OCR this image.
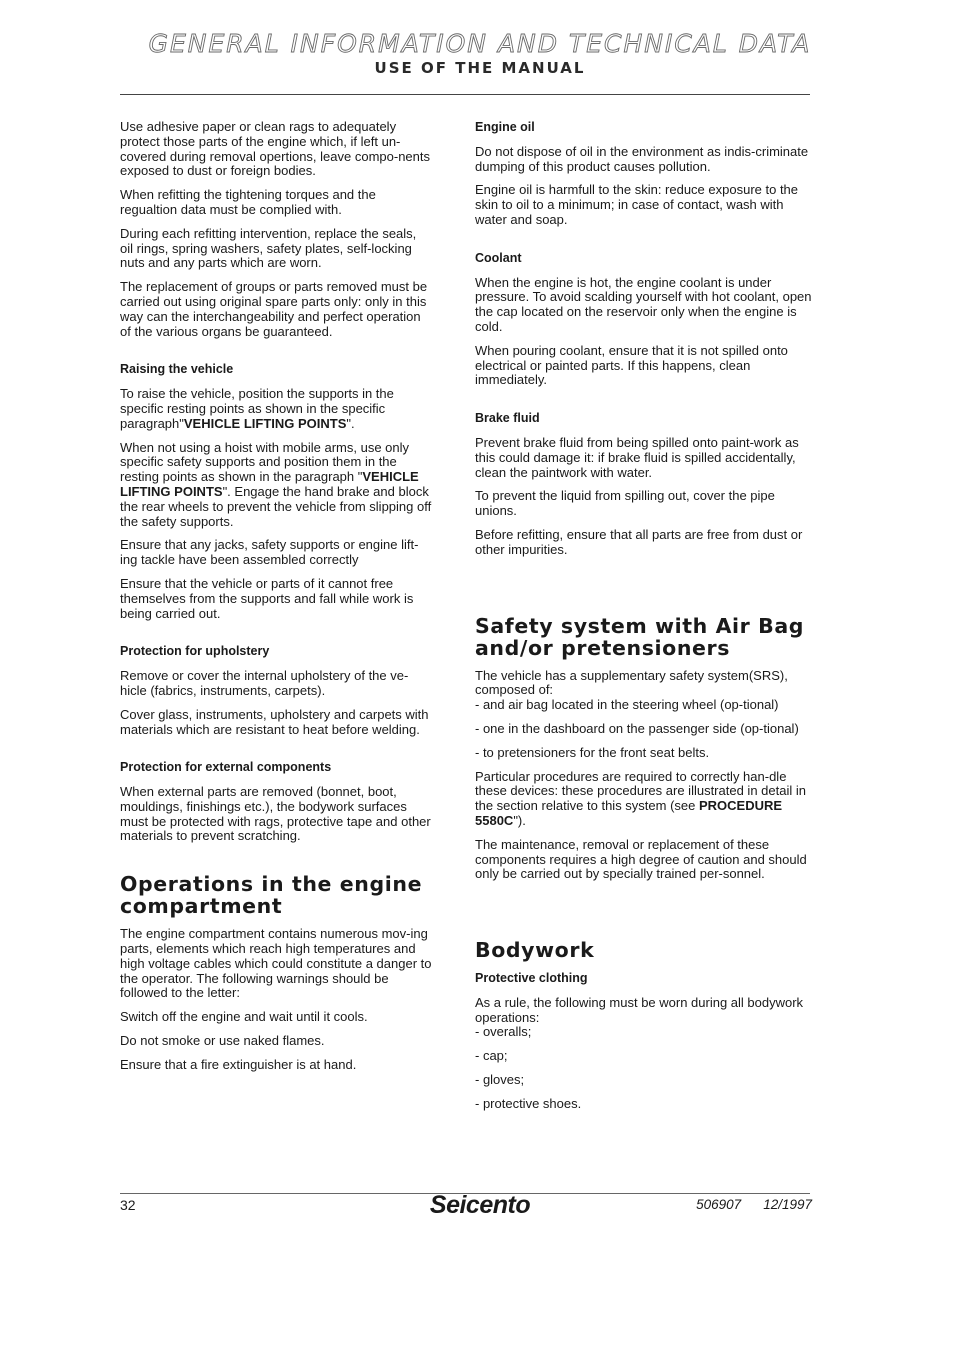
GENERAL INFORMATION AND TECHNICAL DATA
USE OF THE MANUAL

Use adhesive paper or clean rags to adequately protect those parts of the engine which, if left un-covered during removal opertions, leave compo-nents exposed to dust or foreign bodies.

When refitting the tightening torques and the regualtion data must be complied with.

During each refitting intervention, replace the seals, oil rings, spring washers, safety plates, self-locking nuts and any parts which are worn.

The replacement of groups or parts removed must be carried out using original spare parts only: only in this way can the interchangeability and perfect operation of the various organs be guaranteed.

Raising the vehicle

To raise the vehicle, position the supports in the specific resting points as shown in the specific paragraph"VEHICLE LIFTING POINTS".

When not using a hoist with mobile arms, use only specific safety supports and position them in the resting points as shown in the paragraph "VEHICLE LIFTING POINTS". Engage the hand brake and block the rear wheels to prevent the vehicle from slipping off the safety supports.

Ensure that any jacks, safety supports or engine lift-ing tackle have been assembled correctly

Ensure that the vehicle or parts of it cannot free themselves from the supports and fall while work is being carried out.

Protection for upholstery

Remove or cover the internal upholstery of the ve-hicle (fabrics, instruments, carpets).

Cover glass, instruments, upholstery and carpets with materials which are resistant to heat before welding.

Protection for external components

When external parts are removed (bonnet, boot, mouldings, finishings etc.), the bodywork surfaces must be protected with rags, protective tape and other materials to prevent scratching.

Operations in the engine
compartment

The engine compartment contains numerous mov-ing parts, elements which reach high temperatures and high voltage cables which could constitute a danger to the operator. The following warnings should be followed to the letter:

Switch off the engine and wait until it cools.

Do not smoke or use naked flames.

Ensure that a fire extinguisher is at hand.

Engine oil

Do not dispose of oil in the environment as indis-criminate dumping of this product causes pollution.

Engine oil is harmfull to the skin: reduce exposure to the skin to oil to a minimum; in case of contact, wash with water and soap.

Coolant

When the engine is hot, the engine coolant is under pressure. To avoid scalding yourself with hot coolant, open the cap located on the reservoir only when the engine is cold.

When pouring coolant, ensure that it is not spilled onto electrical or painted parts. If this happens, clean immediately.

Brake fluid

Prevent brake fluid from being spilled onto paint-work as this could damage it: if brake fluid is spilled accidentally, clean the paintwork with water.

To prevent the liquid from spilling out, cover the pipe unions.

Before refitting, ensure that all parts are free from dust or other impurities.

Safety system with Air Bag
and/or pretensioners

The vehicle has a supplementary safety system(SRS), composed of:

- and air bag located in the steering wheel (op-tional)

- one in the dashboard on the passenger side (op-tional)

- to pretensioners for the front seat belts.

Particular procedures are required to correctly han-dle these devices: these procedures are illustrated in detail in the section relative to this system (see PROCEDURE 5580C").

The maintenance, removal or replacement of these components requires a high degree of caution and should only be carried out by specially trained per-sonnel.

Bodywork
Protective clothing

As a rule, the following must be worn during all bodywork operations:

- overalls;

- cap;

- gloves;

- protective shoes.

32	Seicento	506907 12/1997
